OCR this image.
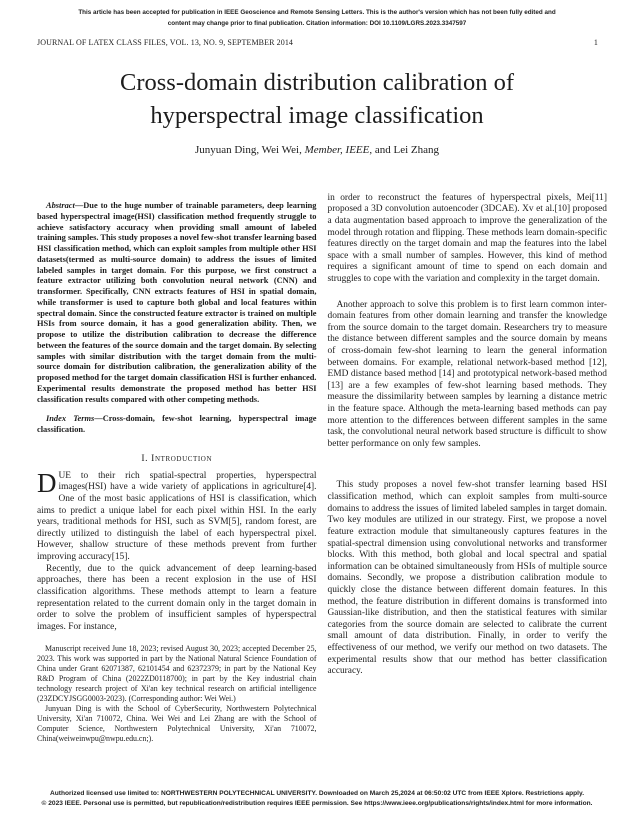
This article has been accepted for publication in IEEE Geoscience and Remote Sensing Letters. This is the author's version which has not been fully edited and
content may change prior to final publication. Citation information: DOI 10.1109/LGRS.2023.3347597
JOURNAL OF LATEX CLASS FILES, VOL. 13, NO. 9, SEPTEMBER 2014	1
Cross-domain distribution calibration of hyperspectral image classification
Junyuan Ding, Wei Wei, Member, IEEE, and Lei Zhang

Abstract—Due to the huge number of trainable parameters, deep learning based hyperspectral image(HSI) classification method frequently struggle to achieve satisfactory accuracy when providing small amount of labeled training samples. This study proposes a novel few-shot transfer learning based HSI classification method, which can exploit samples from multiple other HSI datasets(termed as multi-source domain) to address the issues of limited labeled samples in target domain. For this purpose, we first construct a feature extractor utilizing both convolution neural network (CNN) and transformer. Specifically, CNN extracts features of HSI in spatial domain, while transformer is used to capture both global and local features within spectral domain. Since the constructed feature extractor is trained on multiple HSIs from source domain, it has a good generalization ability. Then, we propose to utilize the distribution calibration to decrease the difference between the features of the source domain and the target domain. By selecting samples with similar distribution with the target domain from the multi-source domain for distribution calibration, the generalization ability of the proposed method for the target domain classification HSI is further enhanced. Experimental results demonstrate the proposed method has better HSI classification results compared with other competing methods.

Index Terms—Cross-domain, few-shot learning, hyperspectral image classification.

I. Introduction

DUE to their rich spatial-spectral properties, hyperspectral images(HSI) have a wide variety of applications in agriculture[4]. One of the most basic applications of HSI is classification, which aims to predict a unique label for each pixel within HSI. In the early years, traditional methods for HSI, such as SVM[5], random forest, are directly utilized to distinguish the label of each hyperspectral pixel. However, shallow structure of these methods prevent from further improving accuracy[15].

Recently, due to the quick advancement of deep learning-based approaches, there has been a recent explosion in the use of HSI classification algorithms. These methods attempt to learn a feature representation related to the current domain only in the target domain in order to solve the problem of insufficient samples of hyperspectral images. For instance,

Manuscript received June 18, 2023; revised August 30, 2023; accepted December 25, 2023. This work was supported in part by the National Natural Science Foundation of China under Grant 62071387, 62101454 and 62372379; in part by the National Key R&D Program of China (2022ZD0118700); in part by the Key industrial chain technology research project of Xi'an key technical research on artificial intelligence (23ZDCYJSGG0003-2023). (Corresponding author: Wei Wei.)

Junyuan Ding is with the School of CyberSecurity, Northwestern Polytechnical University, Xi'an 710072, China. Wei Wei and Lei Zhang are with the School of Computer Science, Northwestern Polytechnical University, Xi'an 710072, China(weiweinwpu@nwpu.edu.cn;).

in order to reconstruct the features of hyperspectral pixels, Mei[11] proposed a 3D convolution autoencoder (3DCAE). Xv et al.[10] proposed a data augmentation based approach to improve the generalization of the model through rotation and flipping. These methods learn domain-specific features directly on the target domain and map the features into the label space with a small number of samples. However, this kind of method requires a significant amount of time to spend on each domain and struggles to cope with the variation and complexity in the target domain.

Another approach to solve this problem is to first learn common inter-domain features from other domain learning and transfer the knowledge from the source domain to the target domain. Researchers try to measure the distance between different samples and the source domain by means of cross-domain few-shot learning to learn the general information between domains. For example, relational network-based method [12], EMD distance based method [14] and prototypical network-based method [13] are a few examples of few-shot learning based methods. They measure the dissimilarity between samples by learning a distance metric in the feature space. Although the meta-learning based methods can pay more attention to the differences between different samples in the same task, the convolutional neural network based structure is difficult to show better performance on only few samples.

This study proposes a novel few-shot transfer learning based HSI classification method, which can exploit samples from multi-source domains to address the issues of limited labeled samples in target domain. Two key modules are utilized in our strategy. First, we propose a novel feature extraction module that simultaneously captures features in the spatial-spectral dimension using convolutional networks and transformer blocks. With this method, both global and local spectral and spatial information can be obtained simultaneously from HSIs of multiple source domains. Secondly, we propose a distribution calibration module to quickly close the distance between different domain features. In this method, the feature distribution in different domains is transformed into Gaussian-like distribution, and then the statistical features with similar categories from the source domain are selected to calibrate the current small amount of data distribution. Finally, in order to verify the effectiveness of our method, we verify our method on two datasets. The experimental results show that our method has better classification accuracy.

Authorized licensed use limited to: NORTHWESTERN POLYTECHNICAL UNIVERSITY. Downloaded on March 25,2024 at 06:50:02 UTC from IEEE Xplore. Restrictions apply.
© 2023 IEEE. Personal use is permitted, but republication/redistribution requires IEEE permission. See https://www.ieee.org/publications/rights/index.html for more information.
